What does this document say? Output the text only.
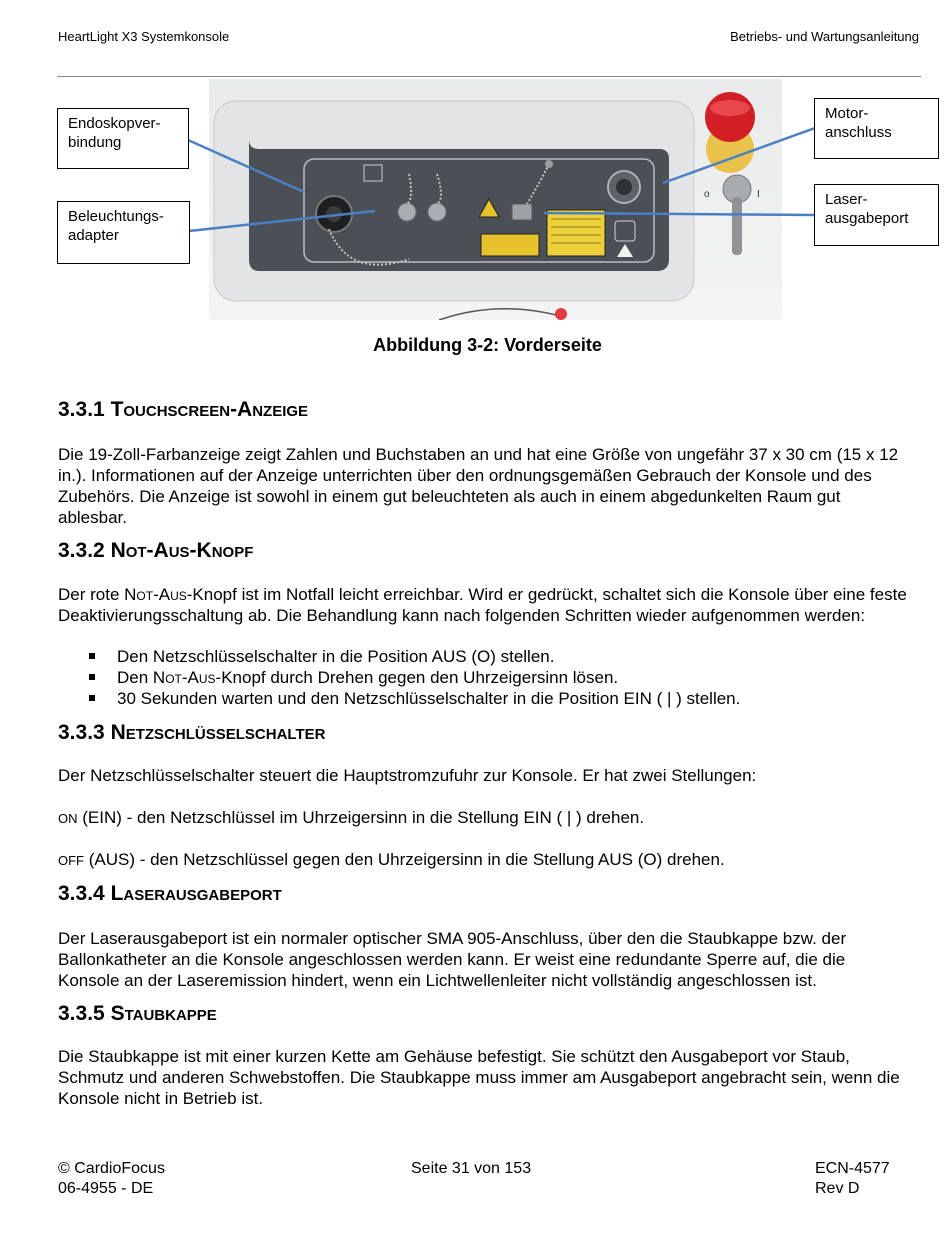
HeartLight X3 Systemkonsole	Betriebs- und Wartungsanleitung
o	I
Endoskopver-
bindung
Beleuchtungs-
adapter
Motor-
anschluss
Laser-
ausgabeport
Abbildung 3-2: Vorderseite
3.3.1 Touchscreen-Anzeige
Die 19-Zoll-Farbanzeige zeigt Zahlen und Buchstaben an und hat eine Größe von ungefähr 37 x 30 cm (15 x 12 in.). Informationen auf der Anzeige unterrichten über den ordnungsgemäßen Gebrauch der Konsole und des Zubehörs. Die Anzeige ist sowohl in einem gut beleuchteten als auch in einem abgedunkelten Raum gut ablesbar.
3.3.2 Not-Aus-Knopf
Der rote Not-Aus-Knopf ist im Notfall leicht erreichbar. Wird er gedrückt, schaltet sich die Konsole über eine feste Deaktivierungsschaltung ab. Die Behandlung kann nach folgenden Schritten wieder aufgenommen werden:
Den Netzschlüsselschalter in die Position AUS (O) stellen.
Den Not-Aus-Knopf durch Drehen gegen den Uhrzeigersinn lösen.
30 Sekunden warten und den Netzschlüsselschalter in die Position EIN ( | ) stellen.
3.3.3 Netzschlüsselschalter
Der Netzschlüsselschalter steuert die Hauptstromzufuhr zur Konsole. Er hat zwei Stellungen:
ON (EIN) - den Netzschlüssel im Uhrzeigersinn in die Stellung EIN ( | ) drehen.
OFF (AUS) - den Netzschlüssel gegen den Uhrzeigersinn in die Stellung AUS (O) drehen.
3.3.4 Laserausgabeport
Der Laserausgabeport ist ein normaler optischer SMA 905-Anschluss, über den die Staubkappe bzw. der Ballonkatheter an die Konsole angeschlossen werden kann. Er weist eine redundante Sperre auf, die die Konsole an der Laseremission hindert, wenn ein Lichtwellenleiter nicht vollständig angeschlossen ist.
3.3.5 Staubkappe
Die Staubkappe ist mit einer kurzen Kette am Gehäuse befestigt. Sie schützt den Ausgabeport vor Staub, Schmutz und anderen Schwebstoffen. Die Staubkappe muss immer am Ausgabeport angebracht sein, wenn die Konsole nicht in Betrieb ist.
© CardioFocus
06-4955 - DE
Seite 31 von 153	ECN-4577
Rev D
